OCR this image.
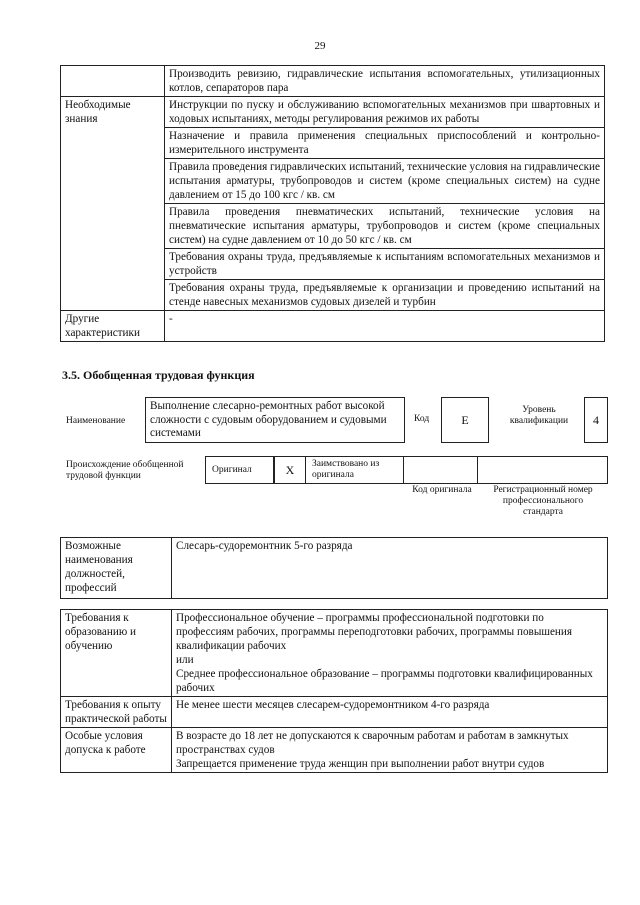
29
	Производить ревизию, гидравлические испытания вспомогательных, утилизационных котлов, сепараторов пара
Необходимые знания	Инструкции по пуску и обслуживанию вспомогательных механизмов при швартовных и ходовых испытаниях, методы регулирования режимов их работы
	Назначение и правила применения специальных приспособлений и контрольно-измерительного инструмента
	Правила проведения гидравлических испытаний, технические условия на гидравлические испытания арматуры, трубопроводов и систем (кроме специальных систем) на судне давлением от 15 до 100 кгс / кв. см
	Правила проведения пневматических испытаний, технические условия на пневматические испытания арматуры, трубопроводов и систем (кроме специальных систем) на судне давлением от 10 до 50 кгс / кв. см
	Требования охраны труда, предъявляемые к испытаниям вспомогательных механизмов и устройств
	Требования охраны труда, предъявляемые к организации и проведению испытаний на стенде навесных механизмов судовых дизелей и турбин
Другие характеристики	-
3.5. Обобщенная трудовая функция
Наименование
Выполнение слесарно-ремонтных работ высокой сложности с судовым оборудованием и судовыми системами
Код	E
Уровень квалификации	4
Происхождение обобщенной трудовой функции
Оригинал	X	Заимствовано из оригинала
Код оригинала	Регистрационный номер профессионального стандарта
Возможные наименования должностей, профессий	Слесарь-судоремонтник 5-го разряда
Требования к образованию и обучению	Профессиональное обучение – программы профессиональной подготовки по профессиям рабочих, программы переподготовки рабочих, программы повышения квалификации рабочих
или
Среднее профессиональное образование – программы подготовки квалифицированных рабочих

Требования к опыту практической работы	Не менее шести месяцев слесарем-судоремонтником 4-го разряда
Особые условия допуска к работе	В возрасте до 18 лет не допускаются к сварочным работам и работам в замкнутых пространствах судов
Запрещается применение труда женщин при выполнении работ внутри судов
